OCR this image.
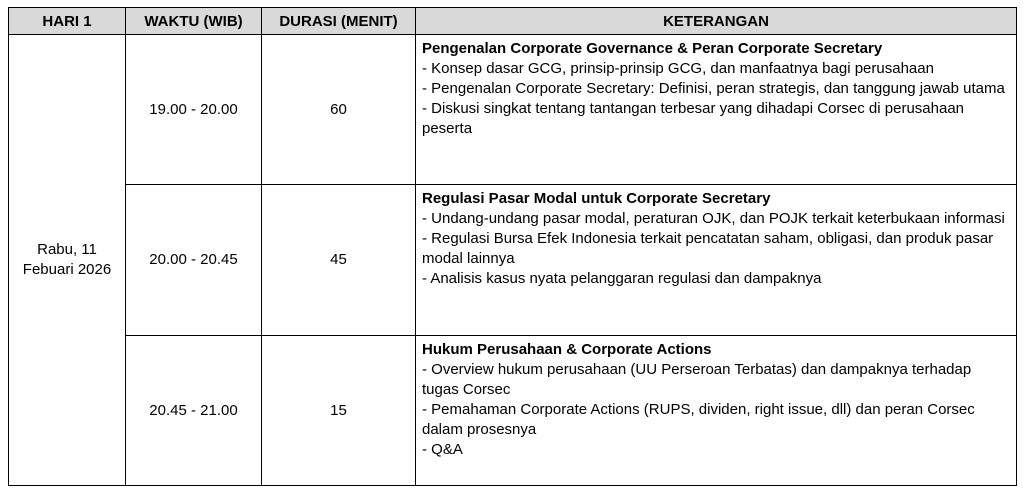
HARI 1	WAKTU (WIB)	DURASI (MENIT)	KETERANGAN

Rabu, 11
Febuari 2026	19.00 - 20.00	60	Pengenalan Corporate Governance & Peran Corporate Secretary
- Konsep dasar GCG, prinsip-prinsip GCG, dan manfaatnya bagi perusahaan
- Pengenalan Corporate Secretary: Definisi, peran strategis, dan tanggung jawab utama
- Diskusi singkat tentang tantangan terbesar yang dihadapi Corsec di perusahaan peserta

	20.00 - 20.45	45	Regulasi Pasar Modal untuk Corporate Secretary
- Undang-undang pasar modal, peraturan OJK, dan POJK terkait keterbukaan informasi
- Regulasi Bursa Efek Indonesia terkait pencatatan saham, obligasi, dan produk pasar modal lainnya
- Analisis kasus nyata pelanggaran regulasi dan dampaknya

	20.45 - 21.00	15	Hukum Perusahaan & Corporate Actions
- Overview hukum perusahaan (UU Perseroan Terbatas) dan dampaknya terhadap tugas Corsec
- Pemahaman Corporate Actions (RUPS, dividen, right issue, dll) dan peran Corsec dalam prosesnya
- Q&A
